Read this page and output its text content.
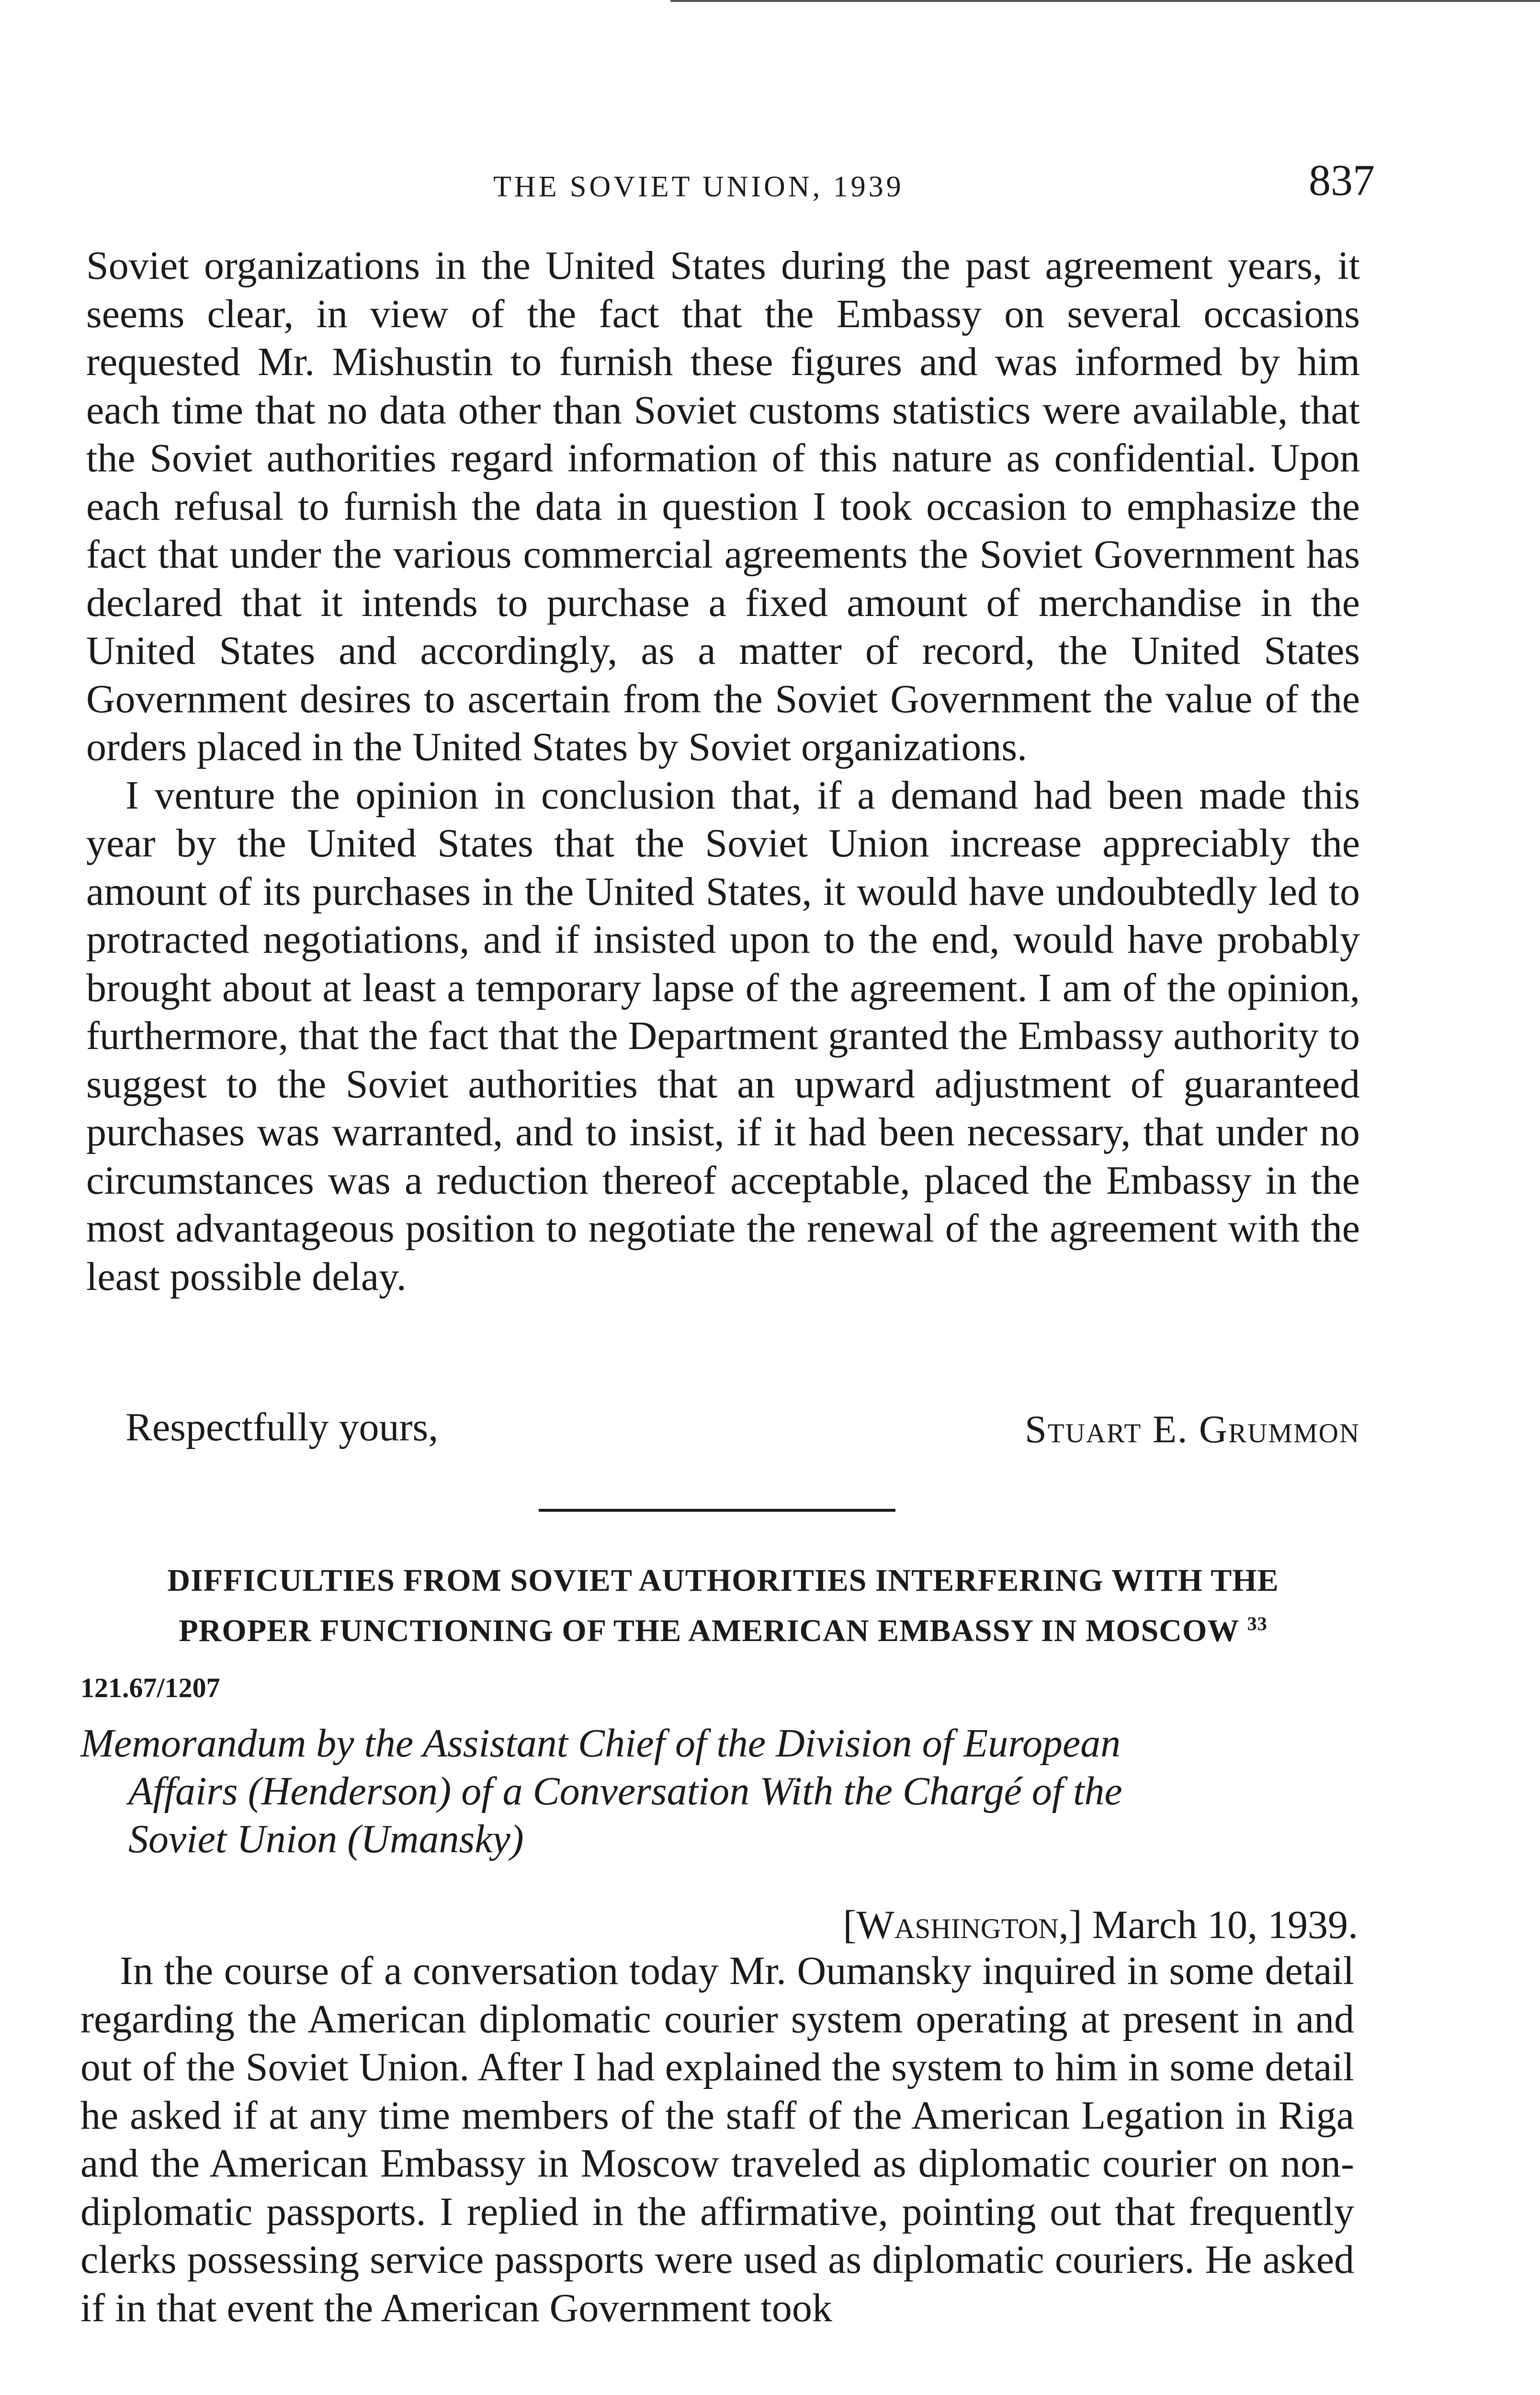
THE SOVIET UNION, 1939	837

Soviet organizations in the United States during the past agreement years, it seems clear, in view of the fact that the Embassy on several occasions requested Mr. Mishustin to furnish these figures and was informed by him each time that no data other than Soviet customs statistics were available, that the Soviet authorities regard information of this nature as confidential. Upon each refusal to furnish the data in question I took occasion to emphasize the fact that under the various commercial agreements the Soviet Government has declared that it intends to purchase a fixed amount of merchandise in the United States and accordingly, as a matter of record, the United States Government desires to ascertain from the Soviet Government the value of the orders placed in the United States by Soviet organizations.

I venture the opinion in conclusion that, if a demand had been made this year by the United States that the Soviet Union increase appreciably the amount of its purchases in the United States, it would have undoubtedly led to protracted negotiations, and if insisted upon to the end, would have probably brought about at least a temporary lapse of the agreement. I am of the opinion, furthermore, that the fact that the Department granted the Embassy authority to suggest to the Soviet authorities that an upward adjustment of guaranteed purchases was warranted, and to insist, if it had been necessary, that under no circumstances was a reduction thereof acceptable, placed the Embassy in the most advantageous position to negotiate the renewal of the agreement with the least possible delay.

Respectfully yours,	Stuart E. Grummon
DIFFICULTIES FROM SOVIET AUTHORITIES INTERFERING WITH THE
PROPER FUNCTIONING OF THE AMERICAN EMBASSY IN MOSCOW $^{33}$
121.67/1207
Memorandum by the Assistant Chief of the Division of European
Affairs (Henderson) of a Conversation With the Chargé of the
Soviet Union (Umansky)
[Washington,] March 10, 1939.

In the course of a conversation today Mr. Oumansky inquired in some detail regarding the American diplomatic courier system operating at present in and out of the Soviet Union. After I had explained the system to him in some detail he asked if at any time members of the staff of the American Legation in Riga and the American Embassy in Moscow traveled as diplomatic courier on non-diplomatic passports. I replied in the affirmative, pointing out that frequently clerks possessing service passports were used as diplomatic couriers. He asked if in that event the American Government took
